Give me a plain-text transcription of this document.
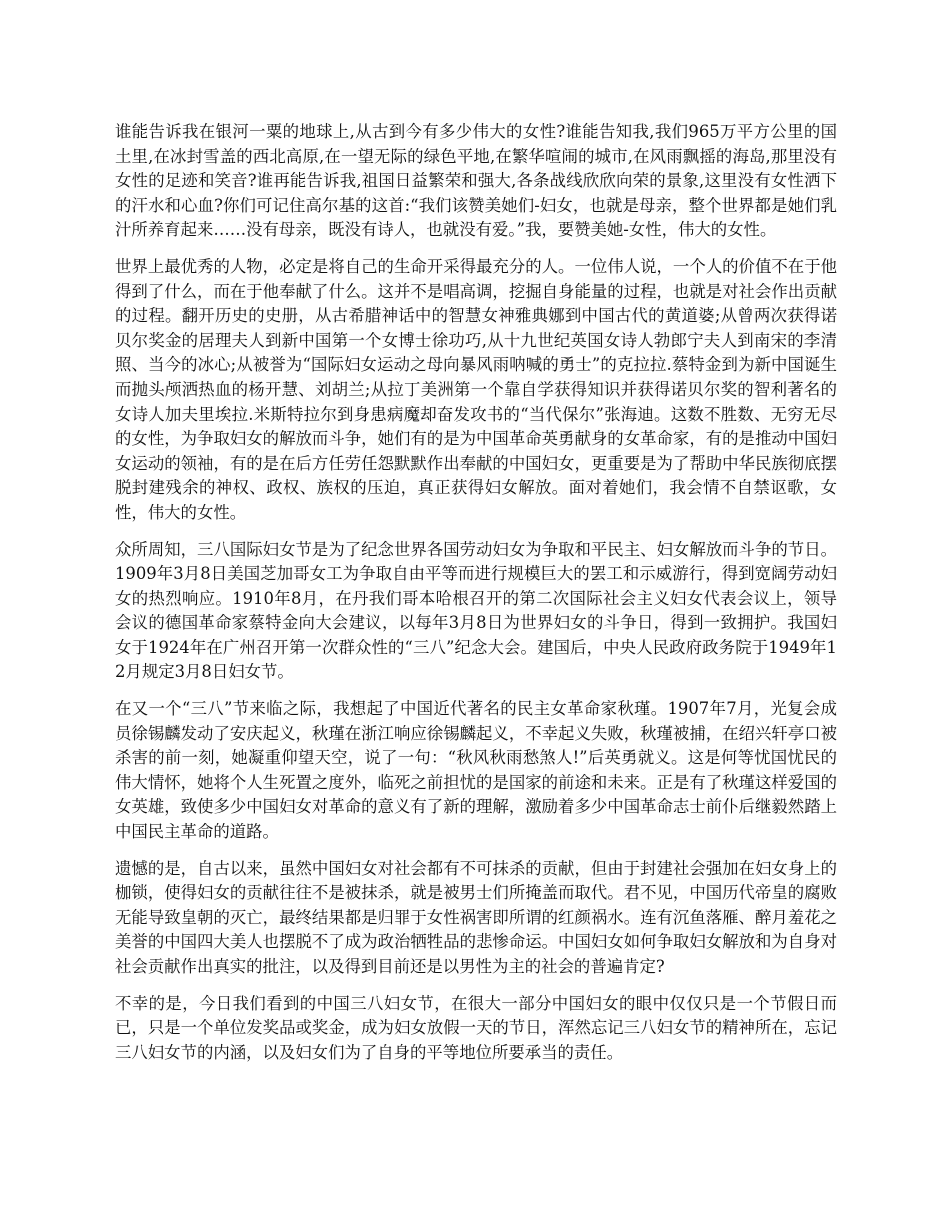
谁能告诉我在银河一粟的地球上,从古到今有多少伟大的女性?谁能告知我,我们965万平方公里的国土里,在冰封雪盖的西北高原,在一望无际的绿色平地,在繁华喧闹的城市,在风雨飘摇的海岛,那里没有女性的足迹和笑音?谁再能告诉我,祖国日益繁荣和强大,各条战线欣欣向荣的景象,这里没有女性洒下的汗水和心血?你们可记住高尔基的这首:“我们该赞美她们-妇女，也就是母亲，整个世界都是她们乳汁所养育起来……没有母亲，既没有诗人，也就没有爱。”我，要赞美她-女性，伟大的女性。

世界上最优秀的人物，必定是将自己的生命开采得最充分的人。一位伟人说，一个人的价值不在于他得到了什么，而在于他奉献了什么。这并不是唱高调，挖掘自身能量的过程，也就是对社会作出贡献的过程。翻开历史的史册，从古希腊神话中的智慧女神雅典娜到中国古代的黄道婆;从曾两次获得诺贝尔奖金的居理夫人到新中国第一个女博士徐功巧,从十九世纪英国女诗人勃郎宁夫人到南宋的李清照、当今的冰心;从被誉为“国际妇女运动之母向暴风雨呐喊的勇士”的克拉拉.蔡特金到为新中国诞生而抛头颅洒热血的杨开慧、刘胡兰;从拉丁美洲第一个靠自学获得知识并获得诺贝尔奖的智利著名的女诗人加夫里埃拉.米斯特拉尔到身患病魔却奋发攻书的“当代保尔”张海迪。这数不胜数、无穷无尽的女性，为争取妇女的解放而斗争，她们有的是为中国革命英勇献身的女革命家，有的是推动中国妇女运动的领袖，有的是在后方任劳任怨默默作出奉献的中国妇女，更重要是为了帮助中华民族彻底摆脱封建残余的神权、政权、族权的压迫，真正获得妇女解放。面对着她们，我会情不自禁讴歌，女性，伟大的女性。

众所周知，三八国际妇女节是为了纪念世界各国劳动妇女为争取和平民主、妇女解放而斗争的节日。1909年3月8日美国芝加哥女工为争取自由平等而进行规模巨大的罢工和示威游行，得到宽阔劳动妇女的热烈响应。1910年8月，在丹我们哥本哈根召开的第二次国际社会主义妇女代表会议上，领导会议的德国革命家蔡特金向大会建议，以每年3月8日为世界妇女的斗争日，得到一致拥护。我国妇女于1924年在广州召开第一次群众性的“三八”纪念大会。建国后，中央人民政府政务院于1949年12月规定3月8日妇女节。

在又一个“三八”节来临之际，我想起了中国近代著名的民主女革命家秋瑾。1907年7月，光复会成员徐锡麟发动了安庆起义，秋瑾在浙江响应徐锡麟起义，不幸起义失败，秋瑾被捕，在绍兴轩亭口被杀害的前一刻，她凝重仰望天空，说了一句：“秋风秋雨愁煞人!”后英勇就义。这是何等忧国忧民的伟大情怀，她将个人生死置之度外，临死之前担忧的是国家的前途和未来。正是有了秋瑾这样爱国的女英雄，致使多少中国妇女对革命的意义有了新的理解，激励着多少中国革命志士前仆后继毅然踏上中国民主革命的道路。

遗憾的是，自古以来，虽然中国妇女对社会都有不可抹杀的贡献，但由于封建社会强加在妇女身上的枷锁，使得妇女的贡献往往不是被抹杀，就是被男士们所掩盖而取代。君不见，中国历代帝皇的腐败无能导致皇朝的灭亡，最终结果都是归罪于女性祸害即所谓的红颜祸水。连有沉鱼落雁、醉月羞花之美誉的中国四大美人也摆脱不了成为政治牺牲品的悲惨命运。中国妇女如何争取妇女解放和为自身对社会贡献作出真实的批注，以及得到目前还是以男性为主的社会的普遍肯定?

不幸的是，今日我们看到的中国三八妇女节，在很大一部分中国妇女的眼中仅仅只是一个节假日而已，只是一个单位发奖品或奖金，成为妇女放假一天的节日，浑然忘记三八妇女节的精神所在，忘记三八妇女节的内涵，以及妇女们为了自身的平等地位所要承当的责任。
